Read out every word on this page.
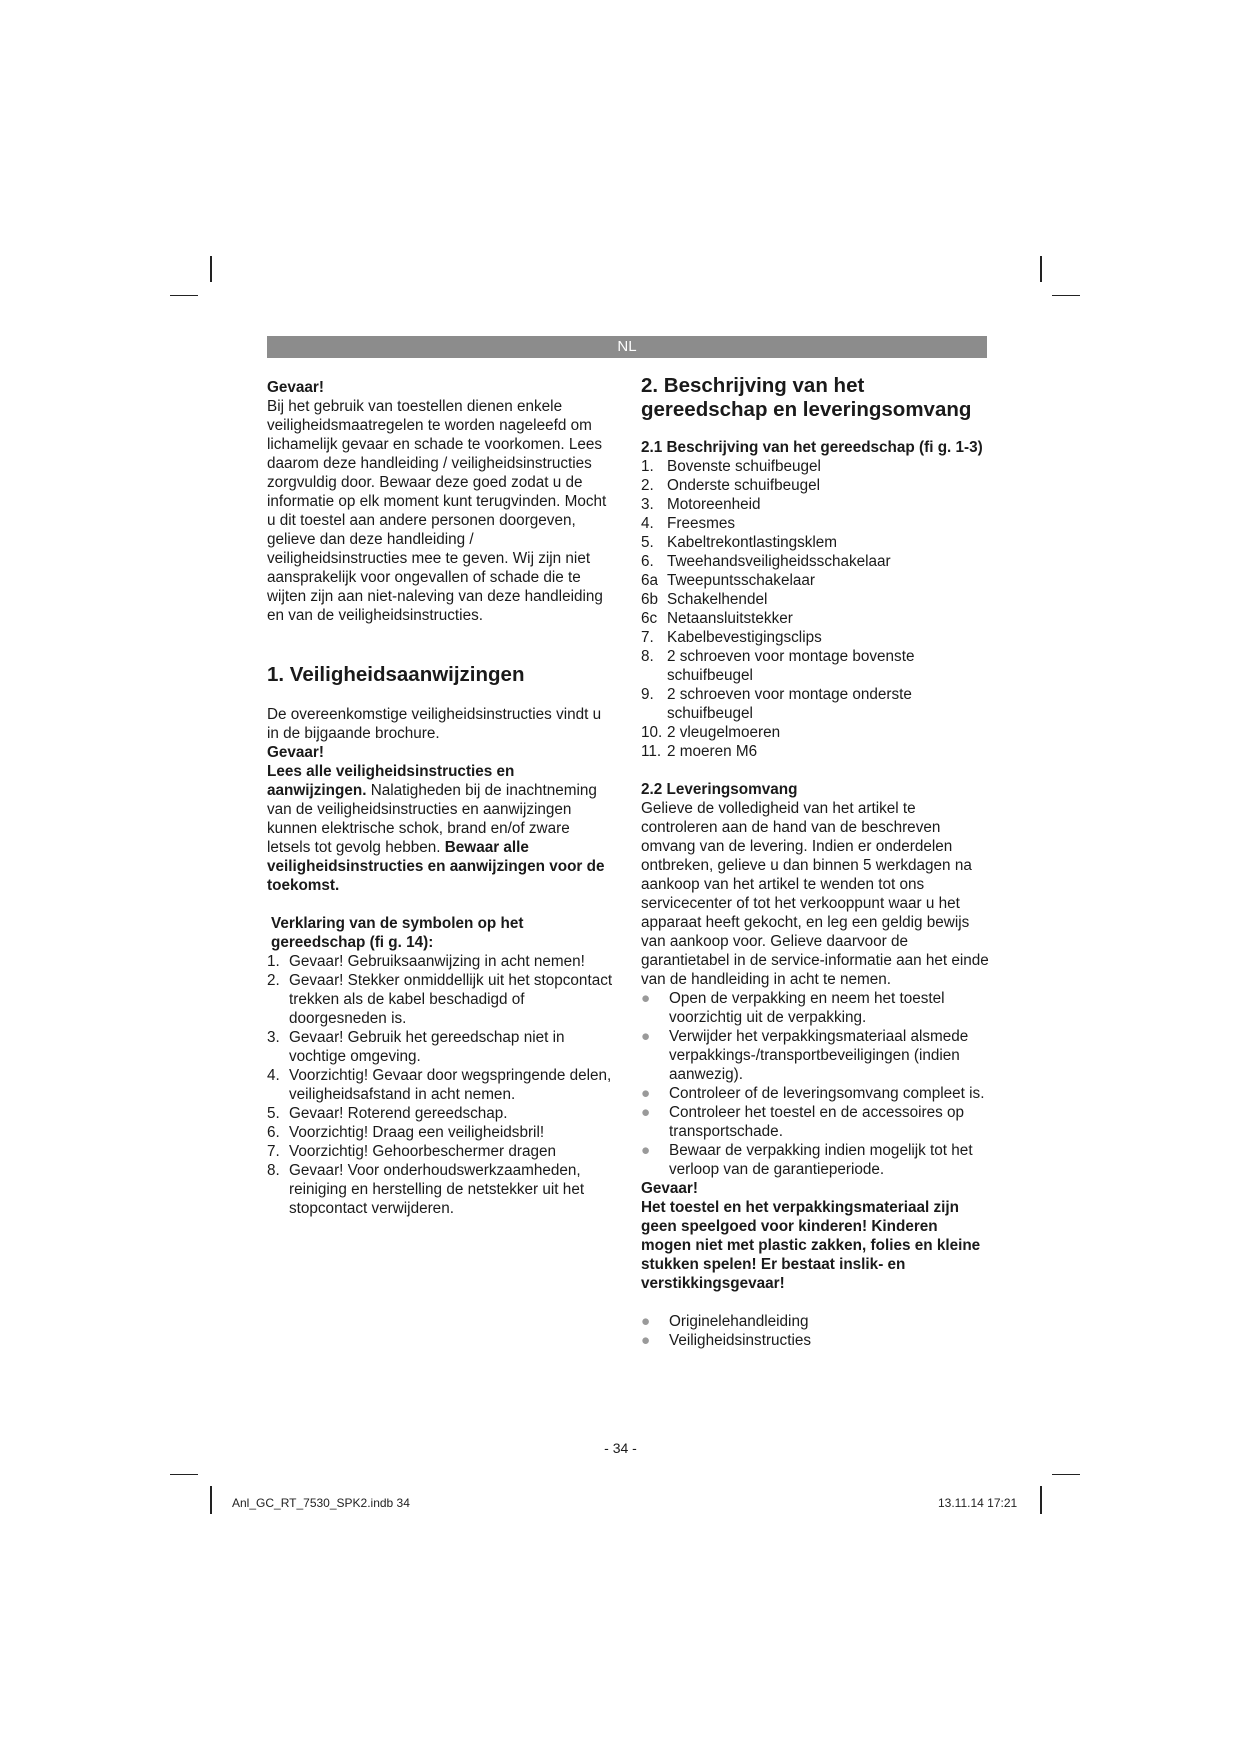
NL

Gevaar!

Bij het gebruik van toestellen dienen enkele veiligheidsmaatregelen te worden nageleefd om lichamelijk gevaar en schade te voorkomen. Lees daarom deze handleiding / veiligheidsinstructies zorgvuldig door. Bewaar deze goed zodat u de informatie op elk moment kunt terugvinden. Mocht u dit toestel aan andere personen doorgeven, gelieve dan deze handleiding / veiligheidsinstructies mee te geven. Wij zijn niet aansprakelijk voor ongevallen of schade die te wijten zijn aan niet-naleving van deze handleiding en van de veiligheidsinstructies.

1. Veiligheidsaanwijzingen

De overeenkomstige veiligheidsinstructies vindt u in de bijgaande brochure.

Gevaar!

Lees alle veiligheidsinstructies en aanwijzingen. Nalatigheden bij de inachtneming van de veiligheidsinstructies en aanwijzingen kunnen elektrische schok, brand en/of zware letsels tot gevolg hebben. Bewaar alle veiligheidsinstructies en aanwijzingen voor de toekomst.

Verklaring van de symbolen op het gereedschap (fi g. 14):

1. Gevaar! Gebruiksaanwijzing in acht nemen!
2. Gevaar! Stekker onmiddellijk uit het stopcontact trekken als de kabel beschadigd of doorgesneden is.
3. Gevaar! Gebruik het gereedschap niet in vochtige omgeving.
4. Voorzichtig! Gevaar door wegspringende delen, veiligheidsafstand in acht nemen.
5. Gevaar! Roterend gereedschap.
6. Voorzichtig! Draag een veiligheidsbril!
7. Voorzichtig! Gehoorbeschermer dragen
8. Gevaar! Voor onderhoudswerkzaamheden, reiniging en herstelling de netstekker uit het stopcontact verwijderen.

2. Beschrijving van het gereedschap en leveringsomvang

2.1 Beschrijving van het gereedschap (fi g. 1-3)

1. Bovenste schuifbeugel
2. Onderste schuifbeugel
3. Motoreenheid
4. Freesmes
5. Kabeltrekontlastingsklem
6. Tweehandsveiligheidsschakelaar
6a Tweepuntsschakelaar
6b Schakelhendel
6c Netaansluitstekker
7. Kabelbevestigingsclips
8. 2 schroeven voor montage bovenste schuifbeugel
9. 2 schroeven voor montage onderste schuifbeugel
10. 2 vleugelmoeren
11. 2 moeren M6

2.2 Leveringsomvang

Gelieve de volledigheid van het artikel te controleren aan de hand van de beschreven omvang van de levering. Indien er onderdelen ontbreken, gelieve u dan binnen 5 werkdagen na aankoop van het artikel te wenden tot ons servicecenter of tot het verkooppunt waar u het apparaat heeft gekocht, en leg een geldig bewijs van aankoop voor. Gelieve daarvoor de garantietabel in de service-informatie aan het einde van de handleiding in acht te nemen.

●	Open de verpakking en neem het toestel voorzichtig uit de verpakking.
●	Verwijder het verpakkingsmateriaal alsmede verpakkings-/transportbeveiligingen (indien aanwezig).
●	Controleer of de leveringsomvang compleet is.
●	Controleer het toestel en de accessoires op transportschade.
●	Bewaar de verpakking indien mogelijk tot het verloop van de garantieperiode.

Gevaar!

Het toestel en het verpakkingsmateriaal zijn geen speelgoed voor kinderen! Kinderen mogen niet met plastic zakken, folies en kleine stukken spelen! Er bestaat inslik- en verstikkingsgevaar!

●	Originelehandleiding
●	Veiligheidsinstructies
- 34 -
Anl_GC_RT_7530_SPK2.indb 34	13.11.14 17:21
